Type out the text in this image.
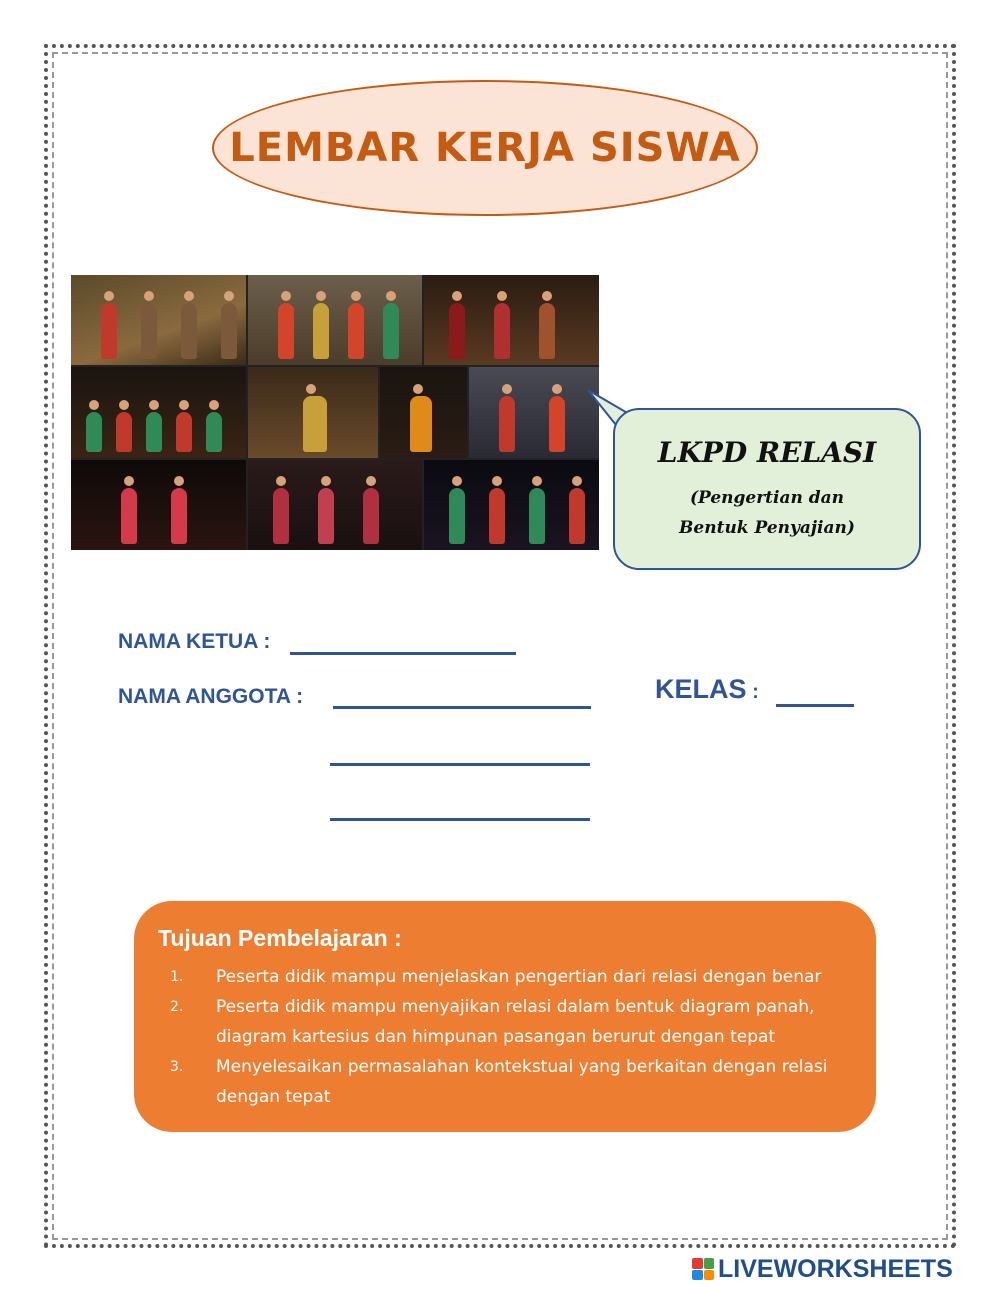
LEMBAR KERJA SISWA
LKPD RELASI
(Pengertian dan Bentuk Penyajian)
NAMA KETUA :
NAMA ANGGOTA :	KELAS :
Tujuan Pembelajaran :
1.	Peserta didik mampu menjelaskan pengertian dari relasi dengan benar
2.	Peserta didik mampu menyajikan relasi dalam bentuk diagram panah, diagram kartesius dan himpunan pasangan berurut dengan tepat
3.	Menyelesaikan permasalahan kontekstual yang berkaitan dengan relasi dengan tepat
LIVEWORKSHEETS
